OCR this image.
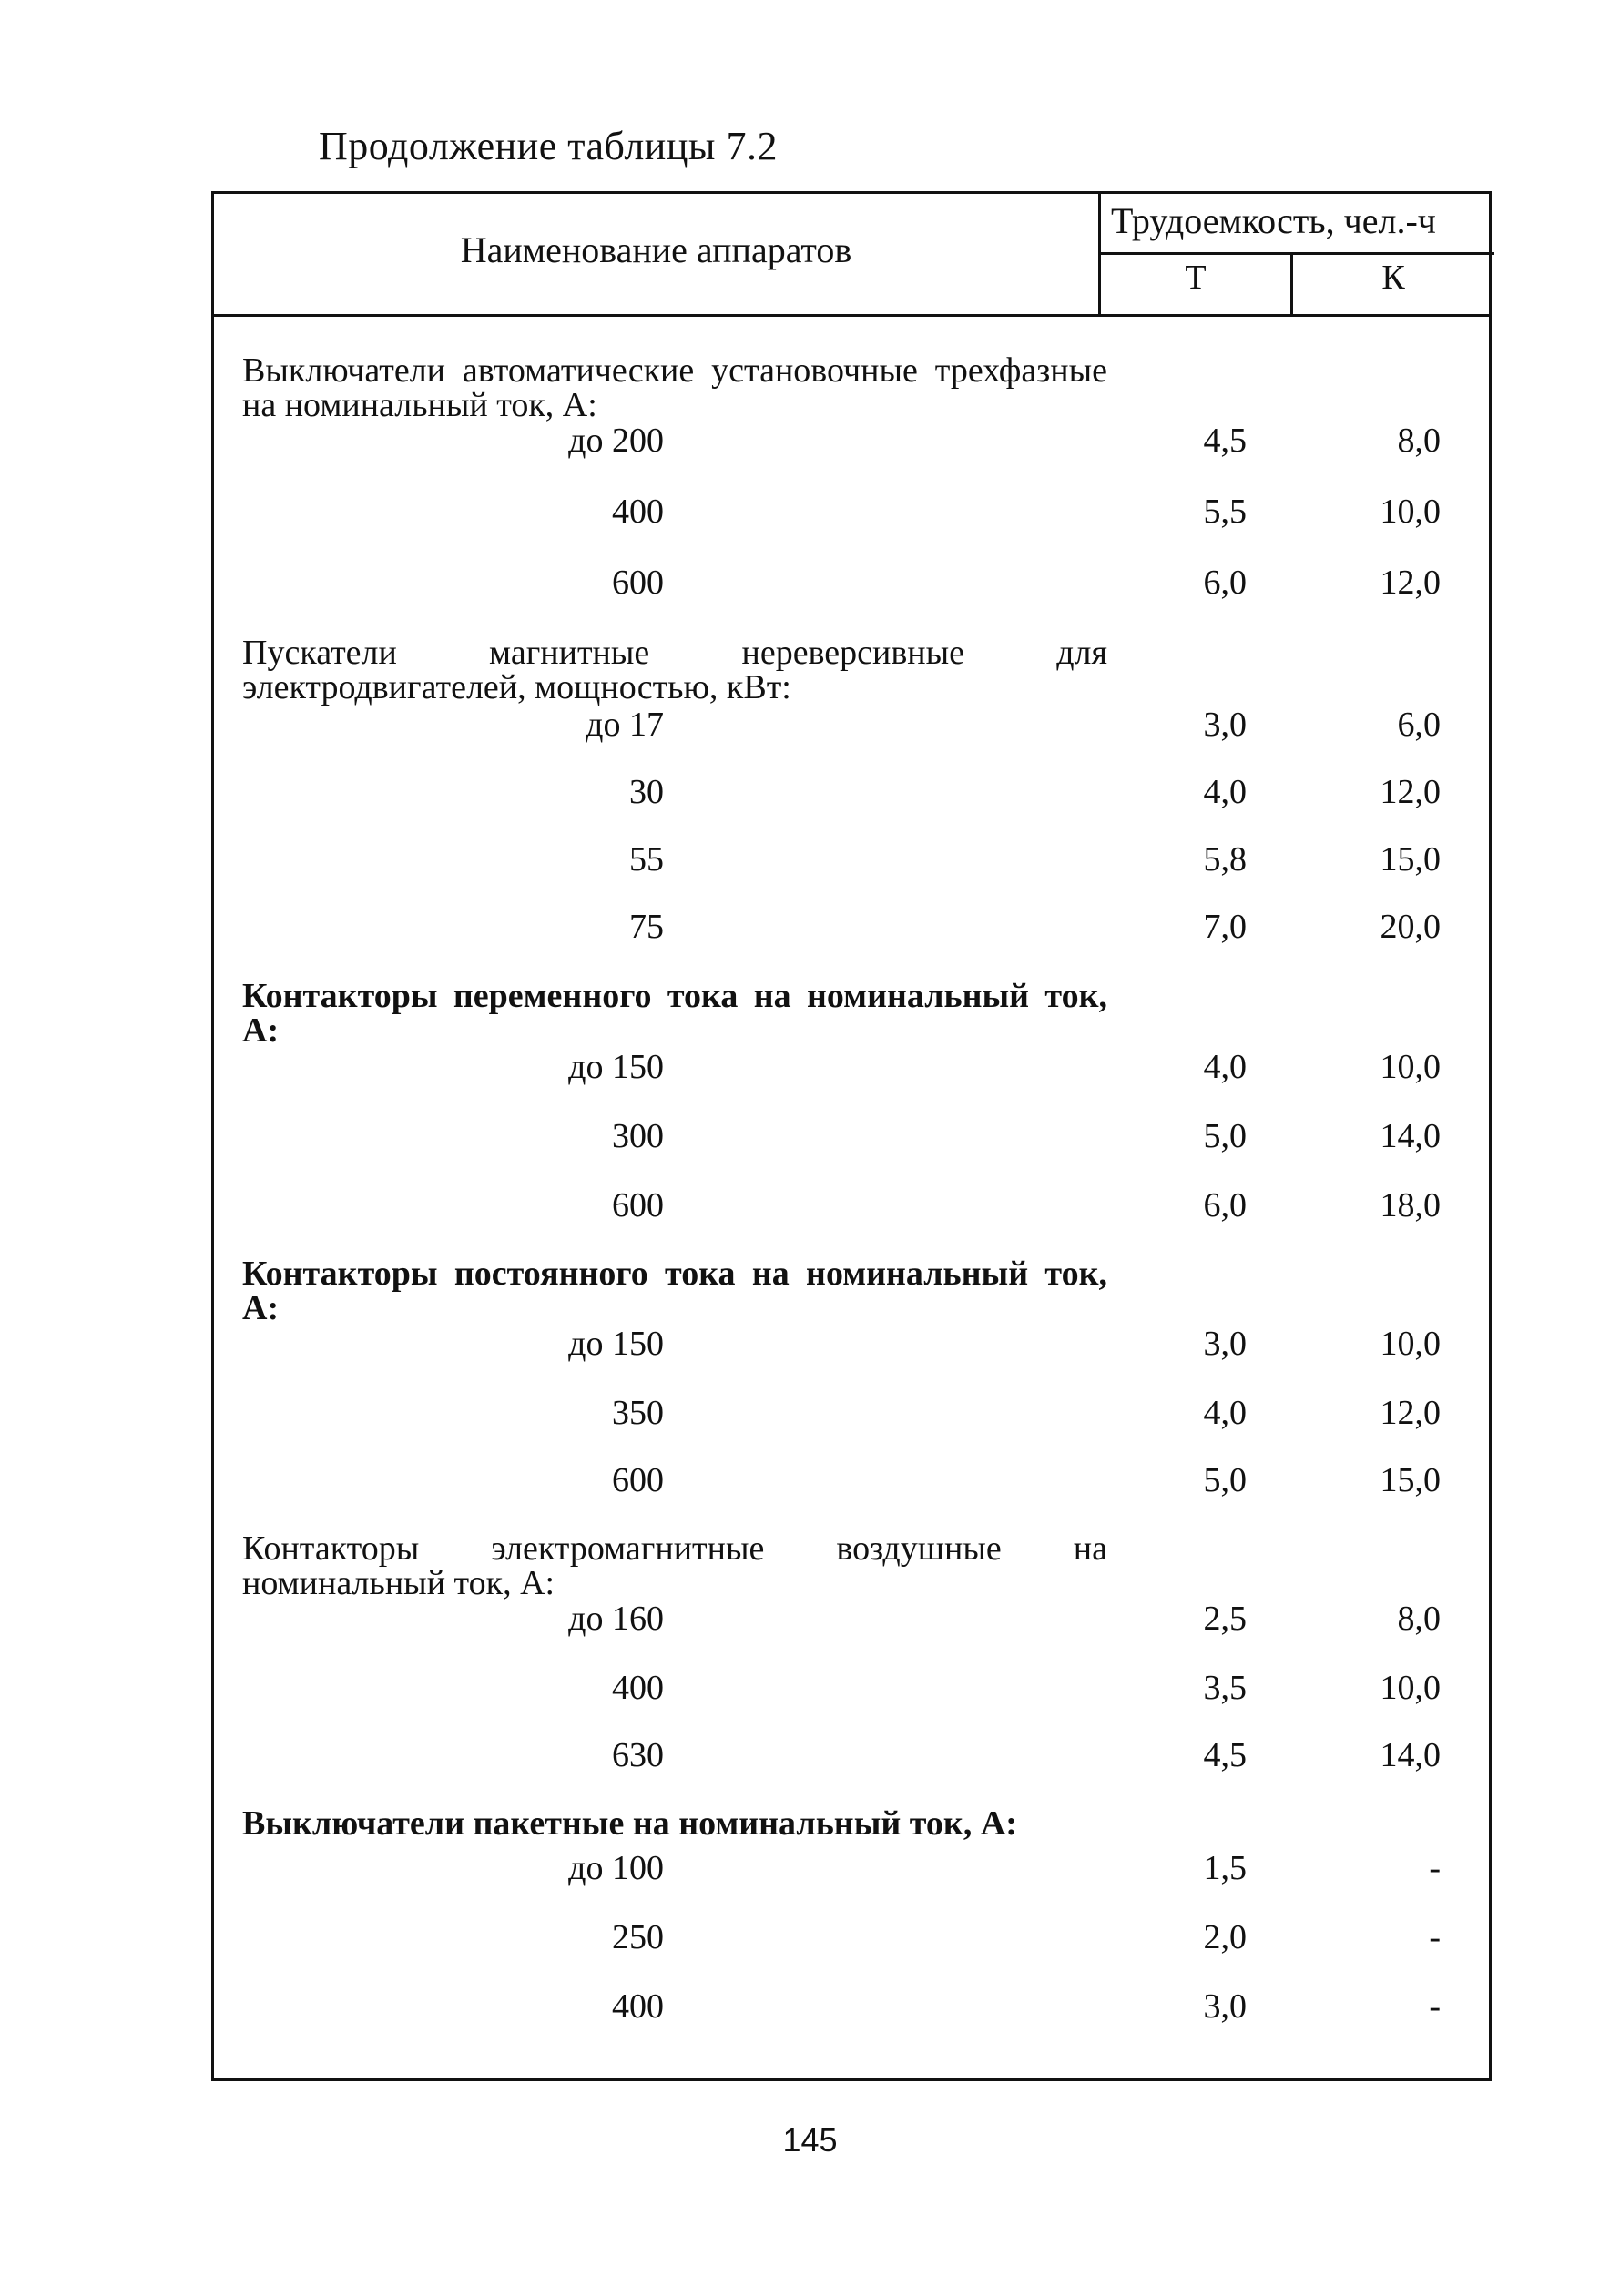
Продолжение таблицы 7.2
Наименование аппаратов
Трудоемкость, чел.-ч
Т	К
Выключатели автоматические установочные трехфазные на номинальный ток, А:
до 200	4,5	8,0
400	5,5	10,0
600	6,0	12,0
Пускатели магнитные нереверсивные для электродвигателей, мощностью, кВт:
до 17	3,0	6,0
30	4,0	12,0
55	5,8	15,0
75	7,0	20,0
Контакторы переменного тока на номинальный ток, А:
до 150	4,0	10,0
300	5,0	14,0
600	6,0	18,0
Контакторы постоянного тока на номинальный ток, А:
до 150	3,0	10,0
350	4,0	12,0
600	5,0	15,0
Контакторы электромагнитные воздушные на номинальный ток, А:
до 160	2,5	8,0
400	3,5	10,0
630	4,5	14,0
Выключатели пакетные на номинальный ток, А:
до 100	1,5	-
250	2,0	-
400	3,0	-
145
